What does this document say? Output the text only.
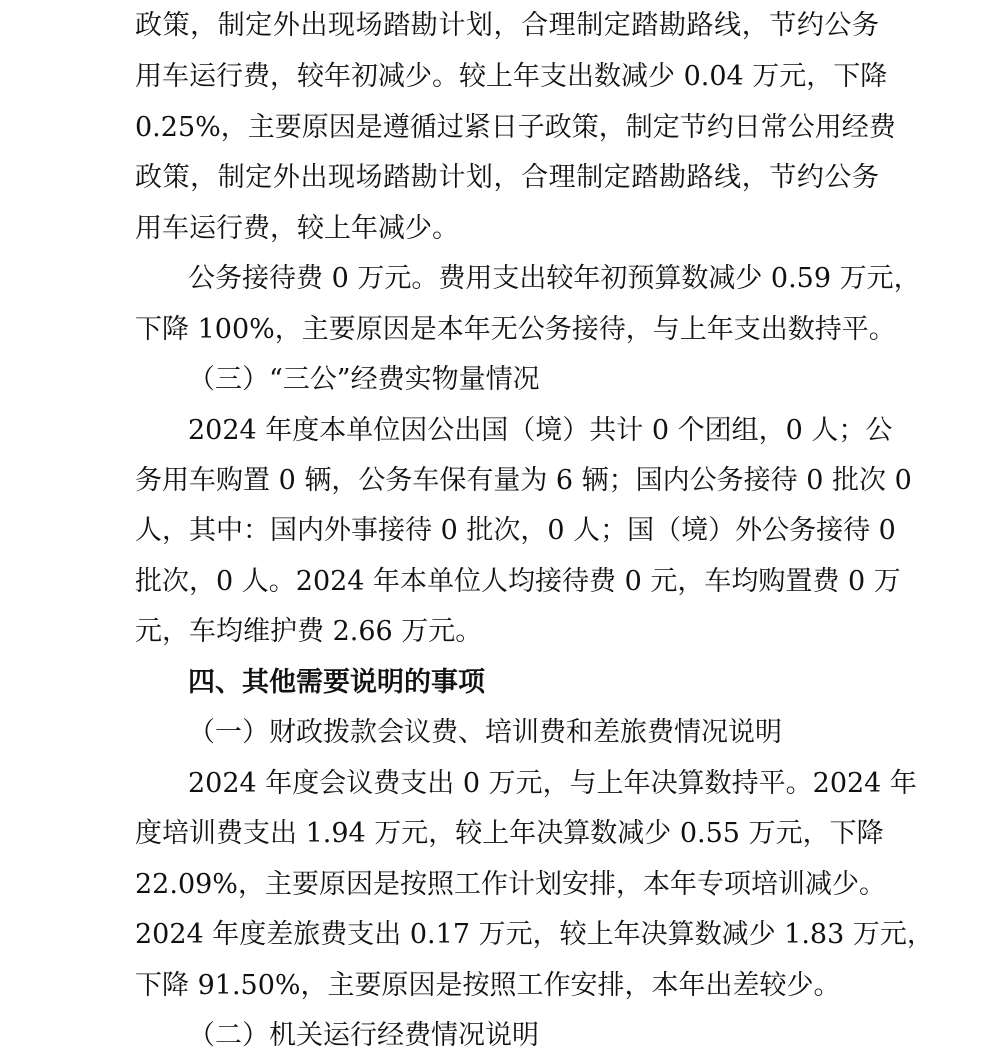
政策，制定外出现场踏勘计划，合理制定踏勘路线，节约公务
用车运行费，较年初减少。较上年支出数减少 0.04 万元，下降
0.25%，主要原因是遵循过紧日子政策，制定节约日常公用经费
政策，制定外出现场踏勘计划，合理制定踏勘路线，节约公务
用车运行费，较上年减少。
公务接待费 0 万元。费用支出较年初预算数减少 0.59 万元，
下降 100%，主要原因是本年无公务接待，与上年支出数持平。
（三）“三公”经费实物量情况
2024 年度本单位因公出国（境）共计 0 个团组，0 人；公
务用车购置 0 辆，公务车保有量为 6 辆；国内公务接待 0 批次 0
人，其中：国内外事接待 0 批次，0 人；国（境）外公务接待 0
批次，0 人。2024 年本单位人均接待费 0 元，车均购置费 0 万
元，车均维护费 2.66 万元。
四、其他需要说明的事项
（一）财政拨款会议费、培训费和差旅费情况说明
2024 年度会议费支出 0 万元，与上年决算数持平。2024 年
度培训费支出 1.94 万元，较上年决算数减少 0.55 万元，下降
22.09%，主要原因是按照工作计划安排，本年专项培训减少。
2024 年度差旅费支出 0.17 万元，较上年决算数减少 1.83 万元，
下降 91.50%，主要原因是按照工作安排，本年出差较少。
（二）机关运行经费情况说明
